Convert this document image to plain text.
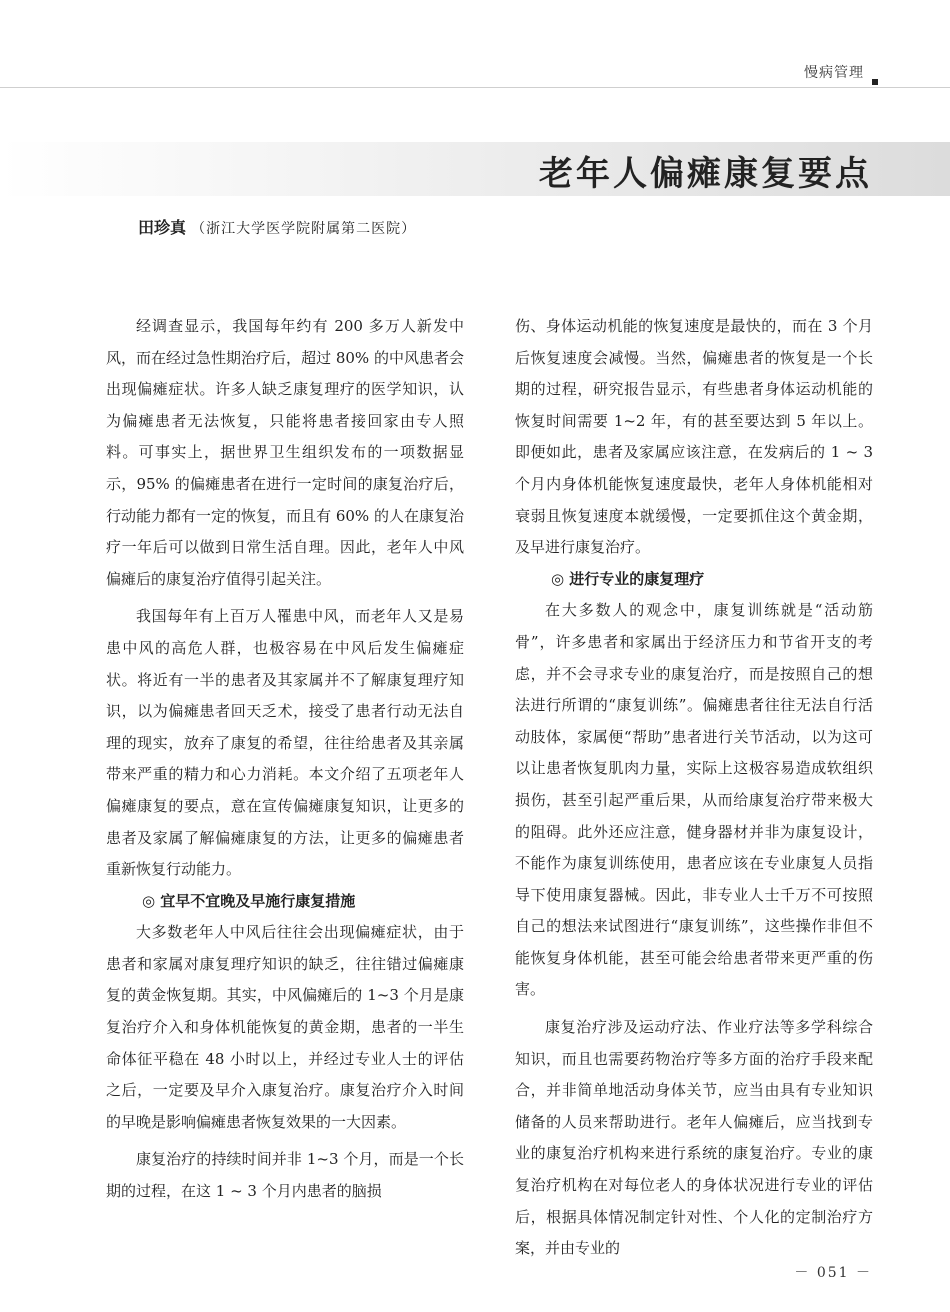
慢病管理
老年人偏瘫康复要点
田珍真 （浙江大学医学院附属第二医院）

经调查显示，我国每年约有 200 多万人新发中风，而在经过急性期治疗后，超过 80% 的中风患者会出现偏瘫症状。许多人缺乏康复理疗的医学知识，认为偏瘫患者无法恢复，只能将患者接回家由专人照料。可事实上，据世界卫生组织发布的一项数据显示，95% 的偏瘫患者在进行一定时间的康复治疗后，行动能力都有一定的恢复，而且有 60% 的人在康复治疗一年后可以做到日常生活自理。因此，老年人中风偏瘫后的康复治疗值得引起关注。

我国每年有上百万人罹患中风，而老年人又是易患中风的高危人群，也极容易在中风后发生偏瘫症状。将近有一半的患者及其家属并不了解康复理疗知识，以为偏瘫患者回天乏术，接受了患者行动无法自理的现实，放弃了康复的希望，往往给患者及其亲属带来严重的精力和心力消耗。本文介绍了五项老年人偏瘫康复的要点，意在宣传偏瘫康复知识，让更多的患者及家属了解偏瘫康复的方法，让更多的偏瘫患者重新恢复行动能力。

◎ 宜早不宜晚及早施行康复措施

大多数老年人中风后往往会出现偏瘫症状，由于患者和家属对康复理疗知识的缺乏，往往错过偏瘫康复的黄金恢复期。其实，中风偏瘫后的 1~3 个月是康复治疗介入和身体机能恢复的黄金期，患者的一半生命体征平稳在 48 小时以上，并经过专业人士的评估之后，一定要及早介入康复治疗。康复治疗介入时间的早晚是影响偏瘫患者恢复效果的一大因素。

康复治疗的持续时间并非 1~3 个月，而是一个长期的过程，在这 1 ~ 3 个月内患者的脑损

伤、身体运动机能的恢复速度是最快的，而在 3 个月后恢复速度会减慢。当然，偏瘫患者的恢复是一个长期的过程，研究报告显示，有些患者身体运动机能的恢复时间需要 1~2 年，有的甚至要达到 5 年以上。即便如此，患者及家属应该注意，在发病后的 1 ~ 3 个月内身体机能恢复速度最快，老年人身体机能相对衰弱且恢复速度本就缓慢，一定要抓住这个黄金期，及早进行康复治疗。

◎ 进行专业的康复理疗

在大多数人的观念中，康复训练就是“活动筋骨”，许多患者和家属出于经济压力和节省开支的考虑，并不会寻求专业的康复治疗，而是按照自己的想法进行所谓的“康复训练”。偏瘫患者往往无法自行活动肢体，家属便“帮助”患者进行关节活动，以为这可以让患者恢复肌肉力量，实际上这极容易造成软组织损伤，甚至引起严重后果，从而给康复治疗带来极大的阻碍。此外还应注意，健身器材并非为康复设计，不能作为康复训练使用，患者应该在专业康复人员指导下使用康复器械。因此，非专业人士千万不可按照自己的想法来试图进行“康复训练”，这些操作非但不能恢复身体机能，甚至可能会给患者带来更严重的伤害。

康复治疗涉及运动疗法、作业疗法等多学科综合知识，而且也需要药物治疗等多方面的治疗手段来配合，并非简单地活动身体关节，应当由具有专业知识储备的人员来帮助进行。老年人偏瘫后，应当找到专业的康复治疗机构来进行系统的康复治疗。专业的康复治疗机构在对每位老人的身体状况进行专业的评估后，根据具体情况制定针对性、个人化的定制治疗方案，并由专业的

－ 051 －
